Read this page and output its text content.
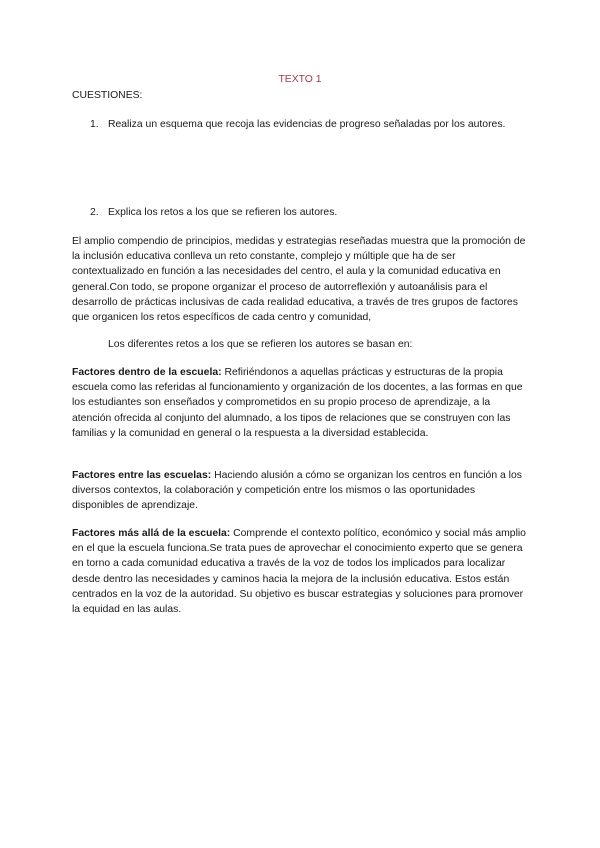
TEXTO 1
CUESTIONES:
1. Realiza un esquema que recoja las evidencias de progreso señaladas por los autores.
2. Explica los retos a los que se refieren los autores.
El amplio compendio de principios, medidas y estrategias reseñadas muestra que la promoción de la inclusión educativa conlleva un reto constante, complejo y múltiple que ha de ser contextualizado en función a las necesidades del centro, el aula y la comunidad educativa en general.Con todo, se propone organizar el proceso de autorreflexión y autoanálisis para el desarrollo de prácticas inclusivas de cada realidad educativa, a través de tres grupos de factores que organicen los retos específicos de cada centro y comunidad,
Los diferentes retos a los que se refieren los autores se basan en:
Factores dentro de la escuela: Refiriéndonos a aquellas prácticas y estructuras de la propia escuela como las referidas al funcionamiento y organización de los docentes, a las formas en que los estudiantes son enseñados y comprometidos en su propio proceso de aprendizaje, a la atención ofrecida al conjunto del alumnado, a los tipos de relaciones que se construyen con las familias y la comunidad en general o la respuesta a la diversidad establecida.
Factores entre las escuelas: Haciendo alusión a cómo se organizan los centros en función a los diversos contextos, la colaboración y competición entre los mismos o las oportunidades disponibles de aprendizaje.
Factores más allá de la escuela: Comprende el contexto político, económico y social más amplio en el que la escuela funciona.Se trata pues de aprovechar el conocimiento experto que se genera en torno a cada comunidad educativa a través de la voz de todos los implicados para localizar desde dentro las necesidades y caminos hacia la mejora de la inclusión educativa. Estos están centrados en la voz de la autoridad. Su objetivo es buscar estrategias y soluciones para promover la equidad en las aulas.
